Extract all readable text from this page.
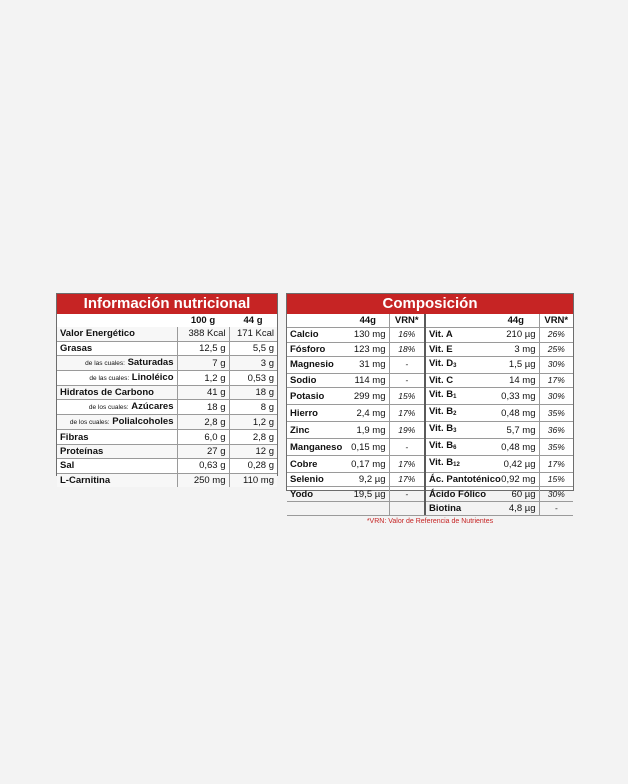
Información nutricional
	100 g	44 g
Valor Energético	388 Kcal	171 Kcal
Grasas	12,5 g	5,5 g
de las cuales: Saturadas	7 g	3 g
de las cuales: Linoléico	1,2 g	0,53 g
Hidratos de Carbono	41 g	18 g
de los cuales: Azúcares	18 g	8 g
de los cuales: Polialcoholes	2,8 g	1,2 g
Fibras	6,0 g	2,8 g
Proteínas	27 g	12 g
Sal	0,63 g	0,28 g
L-Carnitina	250 mg	110 mg
Composición
	44g	VRN*		44g	VRN*
Calcio	130 mg	16%	Vit. A	210 µg	26%
Fósforo	123 mg	18%	Vit. E	3 mg	25%
Magnesio	31 mg	-	Vit. $D_3$	1,5 µg	30%
Sodio	114 mg	-	Vit. C	14 mg	17%
Potasio	299 mg	15%	Vit. $B_1$	0,33 mg	30%
Hierro	2,4 mg	17%	Vit. $B_2$	0,48 mg	35%
Zinc	1,9 mg	19%	Vit. $B_3$	5,7 mg	36%
Manganeso	0,15 mg	-	Vit. $B_6$	0,48 mg	35%
Cobre	0,17 mg	17%	Vit. $B_{12}$	0,42 µg	17%
Selenio	9,2 µg	17%	Ác. Pantoténico	0,92 mg	15%
Yodo	19,5 µg	-	Ácido Fólico	60 µg	30%
			Biotina	4,8 µg	-
*VRN: Valor de Referencia de Nutrientes
